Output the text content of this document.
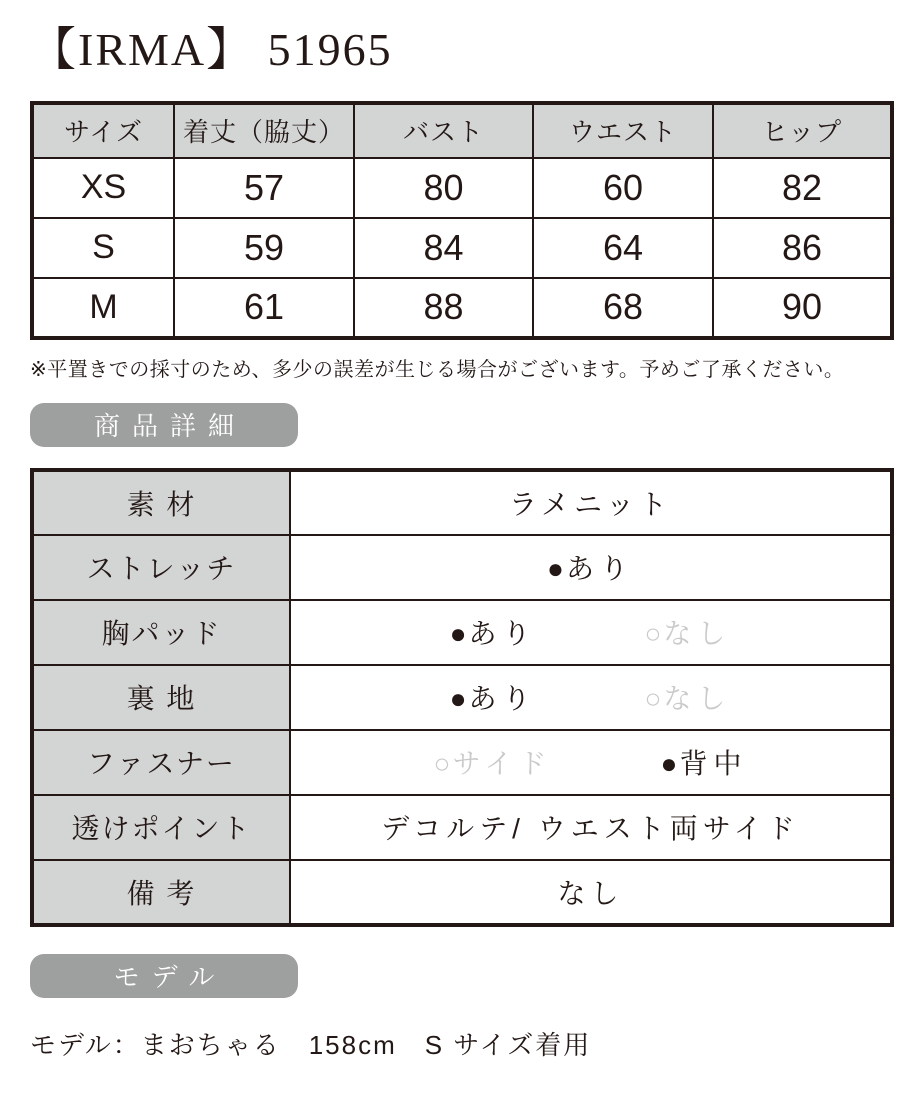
【IRMA】 51965
サイズ	着丈（脇丈）	バスト	ウエスト	ヒップ
XS	57	80	60	82
S	59	84	64	86
M	61	88	68	90

※平置きでの採寸のため、多少の誤差が生じる場合がございます。予めご了承ください。

商品詳細
素 材	ラメニット
ストレッチ	●あり

胸パッド	●あり ○なし

裏 地	●あり ○なし

ファスナー	○サイド ●背中

透けポイント	デコルテ/ ウエスト両サイド
備 考	なし
モデル

モデル：まおちゃる　158cm　S サイズ着用
